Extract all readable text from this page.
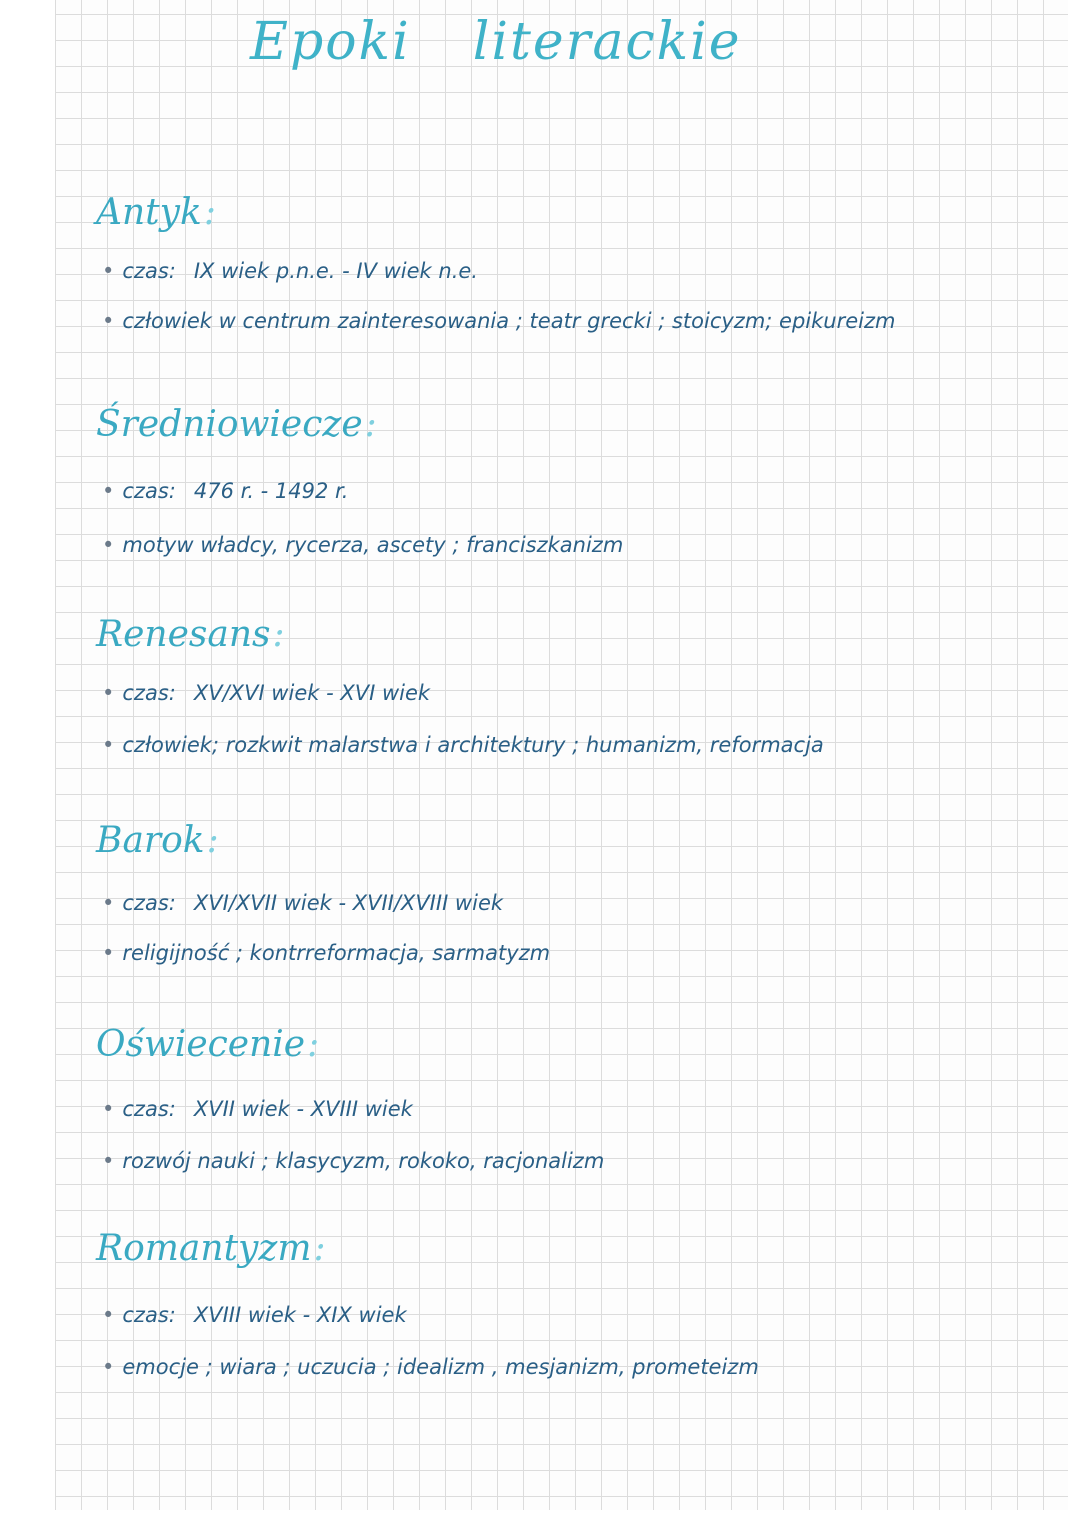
Epoki literackie
Antyk:
• czas: IX wiek p.n.e. - IV wiek n.e.
• człowiek w centrum zainteresowania ; teatr grecki ; stoicyzm; epikureizm
Średniowiecze:
• czas: 476 r. - 1492 r.
• motyw władcy, rycerza, ascety ; franciszkanizm
Renesans:
• czas: XV/XVI wiek - XVI wiek
• człowiek; rozkwit malarstwa i architektury ; humanizm, reformacja
Barok:
• czas: XVI/XVII wiek - XVII/XVIII wiek
• religijność ; kontrreformacja, sarmatyzm
Oświecenie:
• czas: XVII wiek - XVIII wiek
• rozwój nauki ; klasycyzm, rokoko, racjonalizm
Romantyzm:
• czas: XVIII wiek - XIX wiek
• emocje ; wiara ; uczucia ; idealizm , mesjanizm, prometeizm
